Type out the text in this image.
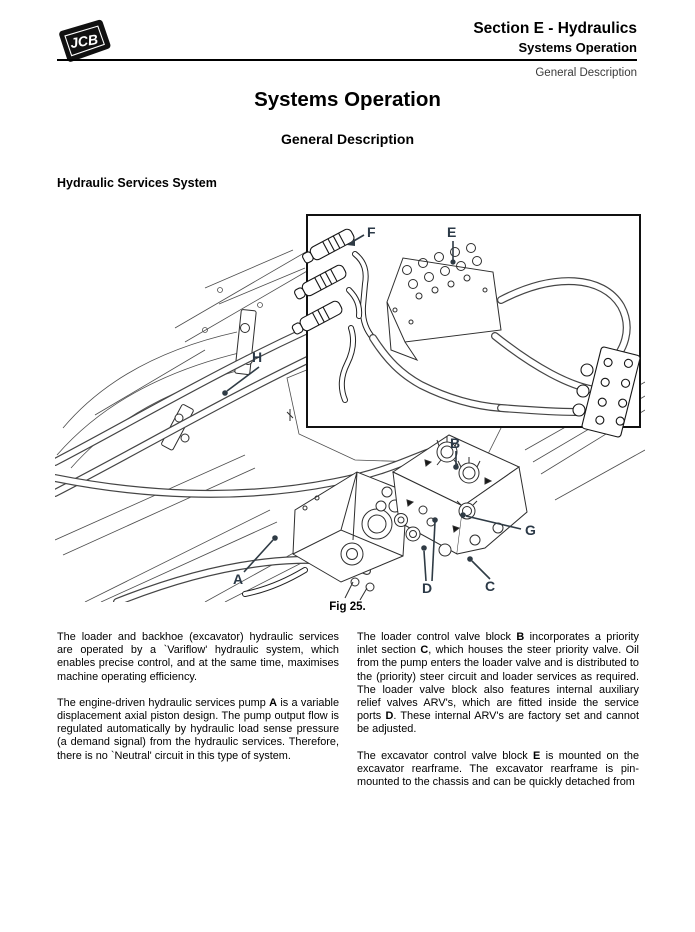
JCB
Section E - Hydraulics
Systems Operation
General Description
Systems Operation
General Description
Hydraulic Services System
F	E
H
A
B
G
D	C
Fig 25.

The loader and backhoe (excavator) hydraulic services are operated by a `Variflow' hydraulic system, which enables precise control, and at the same time, maximises machine operating efficiency.

The engine-driven hydraulic services pump A is a variable displacement axial piston design. The pump output flow is regulated automatically by hydraulic load sense pressure (a demand signal) from the hydraulic services. Therefore, there is no `Neutral' circuit in this type of system.

The loader control valve block B incorporates a priority inlet section C, which houses the steer priority valve. Oil from the pump enters the loader valve and is distributed to the (priority) steer circuit and loader services as required. The loader valve block also features internal auxiliary relief valves ARV's, which are fitted inside the service ports D. These internal ARV's are factory set and cannot be adjusted.

The excavator control valve block E is mounted on the excavator rearframe. The excavator rearframe is pin-mounted to the chassis and can be quickly detached from
